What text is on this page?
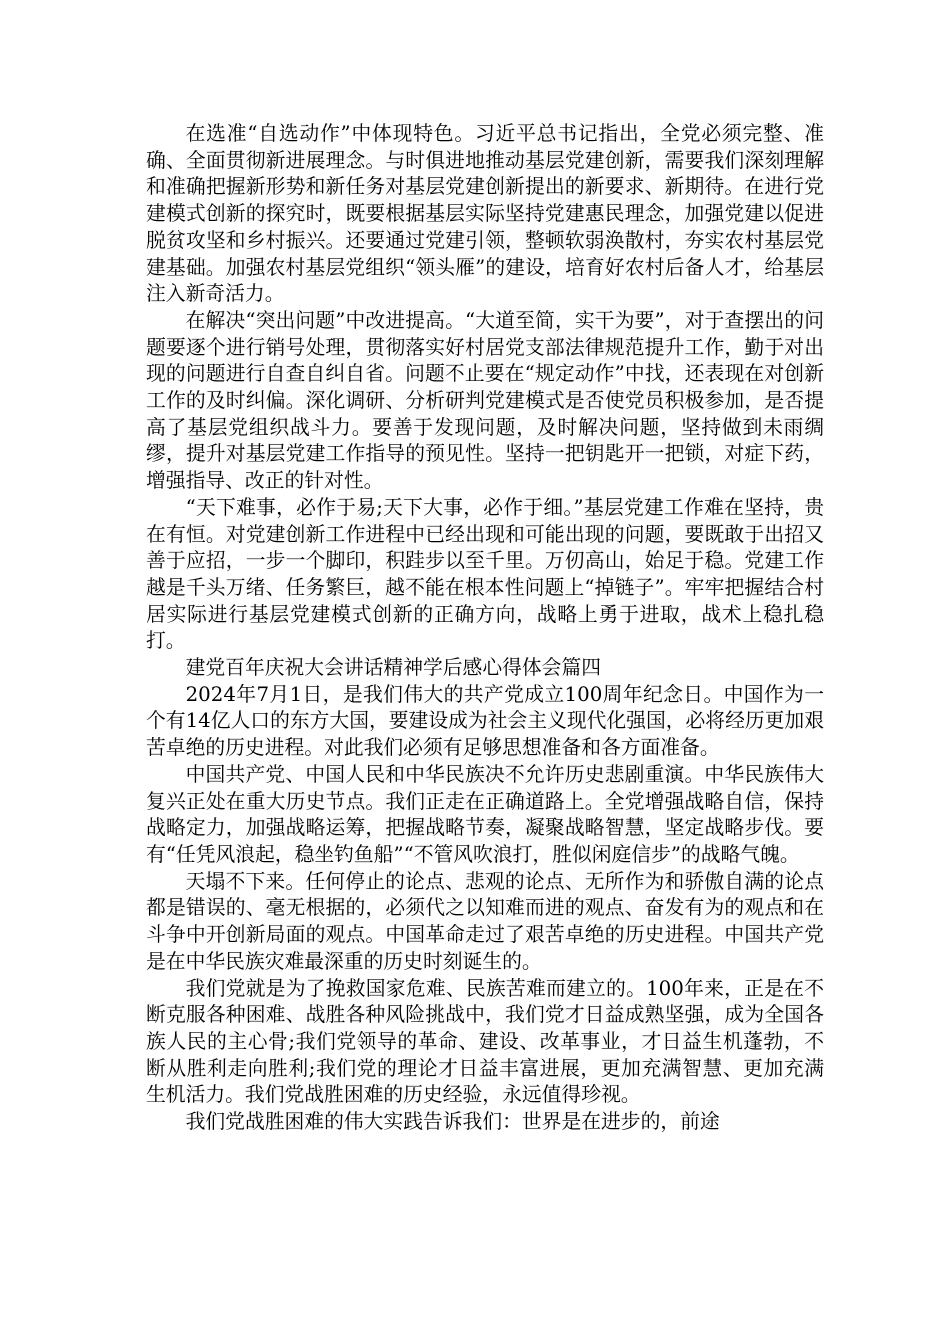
在选准“自选动作”中体现特色。习近平总书记指出，全党必须完整、准确、全面贯彻新进展理念。与时俱进地推动基层党建创新，需要我们深刻理解和准确把握新形势和新任务对基层党建创新提出的新要求、新期待。在进行党建模式创新的探究时，既要根据基层实际坚持党建惠民理念，加强党建以促进脱贫攻坚和乡村振兴。还要通过党建引领，整顿软弱涣散村，夯实农村基层党建基础。加强农村基层党组织“领头雁”的建设，培育好农村后备人才，给基层注入新奇活力。

在解决“突出问题”中改进提高。“大道至简，实干为要”，对于查摆出的问题要逐个进行销号处理，贯彻落实好村居党支部法律规范提升工作，勤于对出现的问题进行自查自纠自省。问题不止要在“规定动作”中找，还表现在对创新工作的及时纠偏。深化调研、分析研判党建模式是否使党员积极参加，是否提高了基层党组织战斗力。要善于发现问题，及时解决问题，坚持做到未雨绸缪，提升对基层党建工作指导的预见性。坚持一把钥匙开一把锁，对症下药，增强指导、改正的针对性。

“天下难事，必作于易;天下大事，必作于细。”基层党建工作难在坚持，贵在有恒。对党建创新工作进程中已经出现和可能出现的问题，要既敢于出招又善于应招，一步一个脚印，积跬步以至千里。万仞高山，始足于稳。党建工作越是千头万绪、任务繁巨，越不能在根本性问题上“掉链子”。牢牢把握结合村居实际进行基层党建模式创新的正确方向，战略上勇于进取，战术上稳扎稳打。

建党百年庆祝大会讲话精神学后感心得体会篇四

2024年7月1日，是我们伟大的共产党成立100周年纪念日。中国作为一个有14亿人口的东方大国，要建设成为社会主义现代化强国，必将经历更加艰苦卓绝的历史进程。对此我们必须有足够思想准备和各方面准备。

中国共产党、中国人民和中华民族决不允许历史悲剧重演。中华民族伟大复兴正处在重大历史节点。我们正走在正确道路上。全党增强战略自信，保持战略定力，加强战略运筹，把握战略节奏，凝聚战略智慧，坚定战略步伐。要有“任凭风浪起，稳坐钓鱼船”“不管风吹浪打，胜似闲庭信步”的战略气魄。

天塌不下来。任何停止的论点、悲观的论点、无所作为和骄傲自满的论点都是错误的、毫无根据的，必须代之以知难而进的观点、奋发有为的观点和在斗争中开创新局面的观点。中国革命走过了艰苦卓绝的历史进程。中国共产党是在中华民族灾难最深重的历史时刻诞生的。

我们党就是为了挽救国家危难、民族苦难而建立的。100年来，正是在不断克服各种困难、战胜各种风险挑战中，我们党才日益成熟坚强，成为全国各族人民的主心骨;我们党领导的革命、建设、改革事业，才日益生机蓬勃，不断从胜利走向胜利;我们党的理论才日益丰富进展，更加充满智慧、更加充满生机活力。我们党战胜困难的历史经验，永远值得珍视。

我们党战胜困难的伟大实践告诉我们：世界是在进步的，前途
